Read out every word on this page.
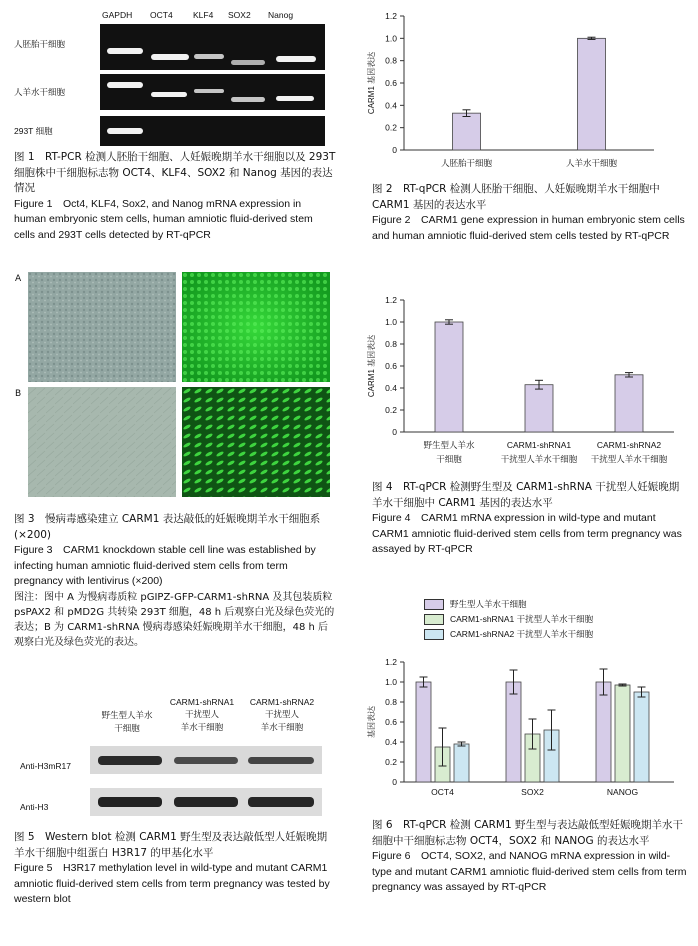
GAPDH OCT4 KLF4 SOX2 Nanog
人胚胎干细胞
人羊水干细胞
293T 细胞

图 1　RT-PCR 检测人胚胎干细胞、人妊娠晚期羊水干细胞以及 293T 细胞株中干细胞标志物 OCT4、KLF4、SOX2 和 Nanog 基因的表达情况

Figure 1　Oct4, KLF4, Sox2, and Nanog mRNA expression in human embryonic stem cells, human amniotic fluid-derived stem cells and 293T cells detected by RT-qPCR

0
0.2
0.4
0.6
0.8
1.0
1.2
CARM1 基因表达
人胚胎干细胞	人羊水干细胞

图 2　RT-qPCR 检测人胚胎干细胞、人妊娠晚期羊水干细胞中 CARM1 基因的表达水平

Figure 2　CARM1 gene expression in human embryonic stem cells and human amniotic fluid-derived stem cells tested by RT-qPCR

A
B

图 3　慢病毒感染建立 CARM1 表达敲低的妊娠晚期羊水干细胞系(×200)

Figure 3　CARM1 knockdown stable cell line was established by infecting human amniotic fluid-derived stem cells from term pregnancy with lentivirus (×200)

图注：图中 A 为慢病毒质粒 pGIPZ-GFP-CARM1-shRNA 及其包装质粒 psPAX2 和 pMD2G 共转染 293T 细胞，48 h 后观察白光及绿色荧光的表达；B 为 CARM1-shRNA 慢病毒感染妊娠晚期羊水干细胞，48 h 后观察白光及绿色荧光的表达。

0
0.2
0.4
0.6
0.8
1.0
1.2
CARM1 基因表达
野生型人羊水
干细胞
CARM1-shRNA1
干扰型人羊水干细胞
CARM1-shRNA2
干扰型人羊水干细胞

图 4　RT-qPCR 检测野生型及 CARM1-shRNA 干扰型人妊娠晚期羊水干细胞中 CARM1 基因的表达水平

Figure 4　CARM1 mRNA expression in wild-type and mutant CARM1 amniotic fluid-derived stem cells from term pregnancy was assayed by RT-qPCR

野生型人羊水
干细胞
CARM1-shRNA1
干扰型人
羊水干细胞
CARM1-shRNA2
干扰型人
羊水干细胞
Anti-H3mR17
Anti-H3

图 5　Western blot 检测 CARM1 野生型及表达敲低型人妊娠晚期羊水干细胞中组蛋白 H3R17 的甲基化水平

Figure 5　H3R17 methylation level in wild-type and mutant CARM1 amniotic fluid-derived stem cells from term pregnancy was tested by western blot

野生型人羊水干细胞
CARM1-shRNA1 干扰型人羊水干细胞
CARM1-shRNA2 干扰型人羊水干细胞
0
0.2
0.4
0.6
0.8
1.0
1.2
基因表达
OCT4	SOX2	NANOG

图 6　RT-qPCR 检测 CARM1 野生型与表达敲低型妊娠晚期羊水干细胞中干细胞标志物 OCT4，SOX2 和 NANOG 的表达水平

Figure 6　OCT4, SOX2, and NANOG mRNA expression in wild-type and mutant CARM1 amniotic fluid-derived stem cells from term pregnancy was assayed by RT-qPCR
